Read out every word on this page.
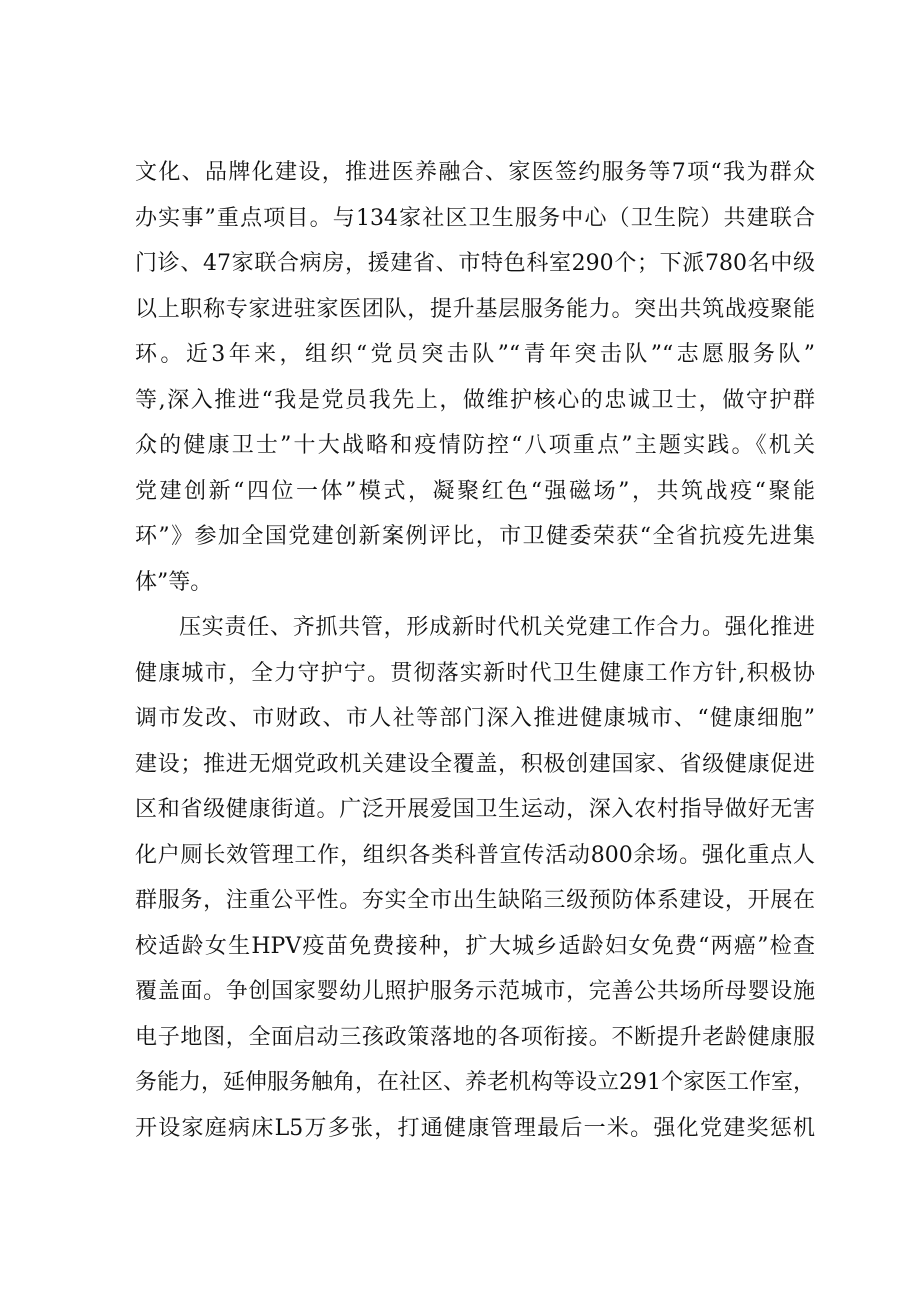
文化、品牌化建设，推进医养融合、家医签约服务等7项“我为群众
办实事”重点项目。与134家社区卫生服务中心（卫生院）共建联合
门诊、47家联合病房，援建省、市特色科室290个；下派780名中级
以上职称专家进驻家医团队，提升基层服务能力。突出共筑战疫聚能
环。近3年来，组织“党员突击队”“青年突击队”“志愿服务队”
等,深入推进“我是党员我先上，做维护核心的忠诚卫士，做守护群
众的健康卫士”十大战略和疫情防控“八项重点”主题实践。《机关
党建创新“四位一体”模式，凝聚红色“强磁场”，共筑战疫“聚能
环”》参加全国党建创新案例评比，市卫健委荣获“全省抗疫先进集
体”等。
压实责任、齐抓共管，形成新时代机关党建工作合力。强化推进
健康城市，全力守护宁。贯彻落实新时代卫生健康工作方针,积极协
调市发改、市财政、市人社等部门深入推进健康城市、“健康细胞”
建设；推进无烟党政机关建设全覆盖，积极创建国家、省级健康促进
区和省级健康街道。广泛开展爱国卫生运动，深入农村指导做好无害
化户厕长效管理工作，组织各类科普宣传活动800余场。强化重点人
群服务，注重公平性。夯实全市出生缺陷三级预防体系建设，开展在
校适龄女生HPV疫苗免费接种，扩大城乡适龄妇女免费“两癌”检查
覆盖面。争创国家婴幼儿照护服务示范城市，完善公共场所母婴设施
电子地图，全面启动三孩政策落地的各项衔接。不断提升老龄健康服
务能力，延伸服务触角，在社区、养老机构等设立291个家医工作室，
开设家庭病床L5万多张，打通健康管理最后一米。强化党建奖惩机
